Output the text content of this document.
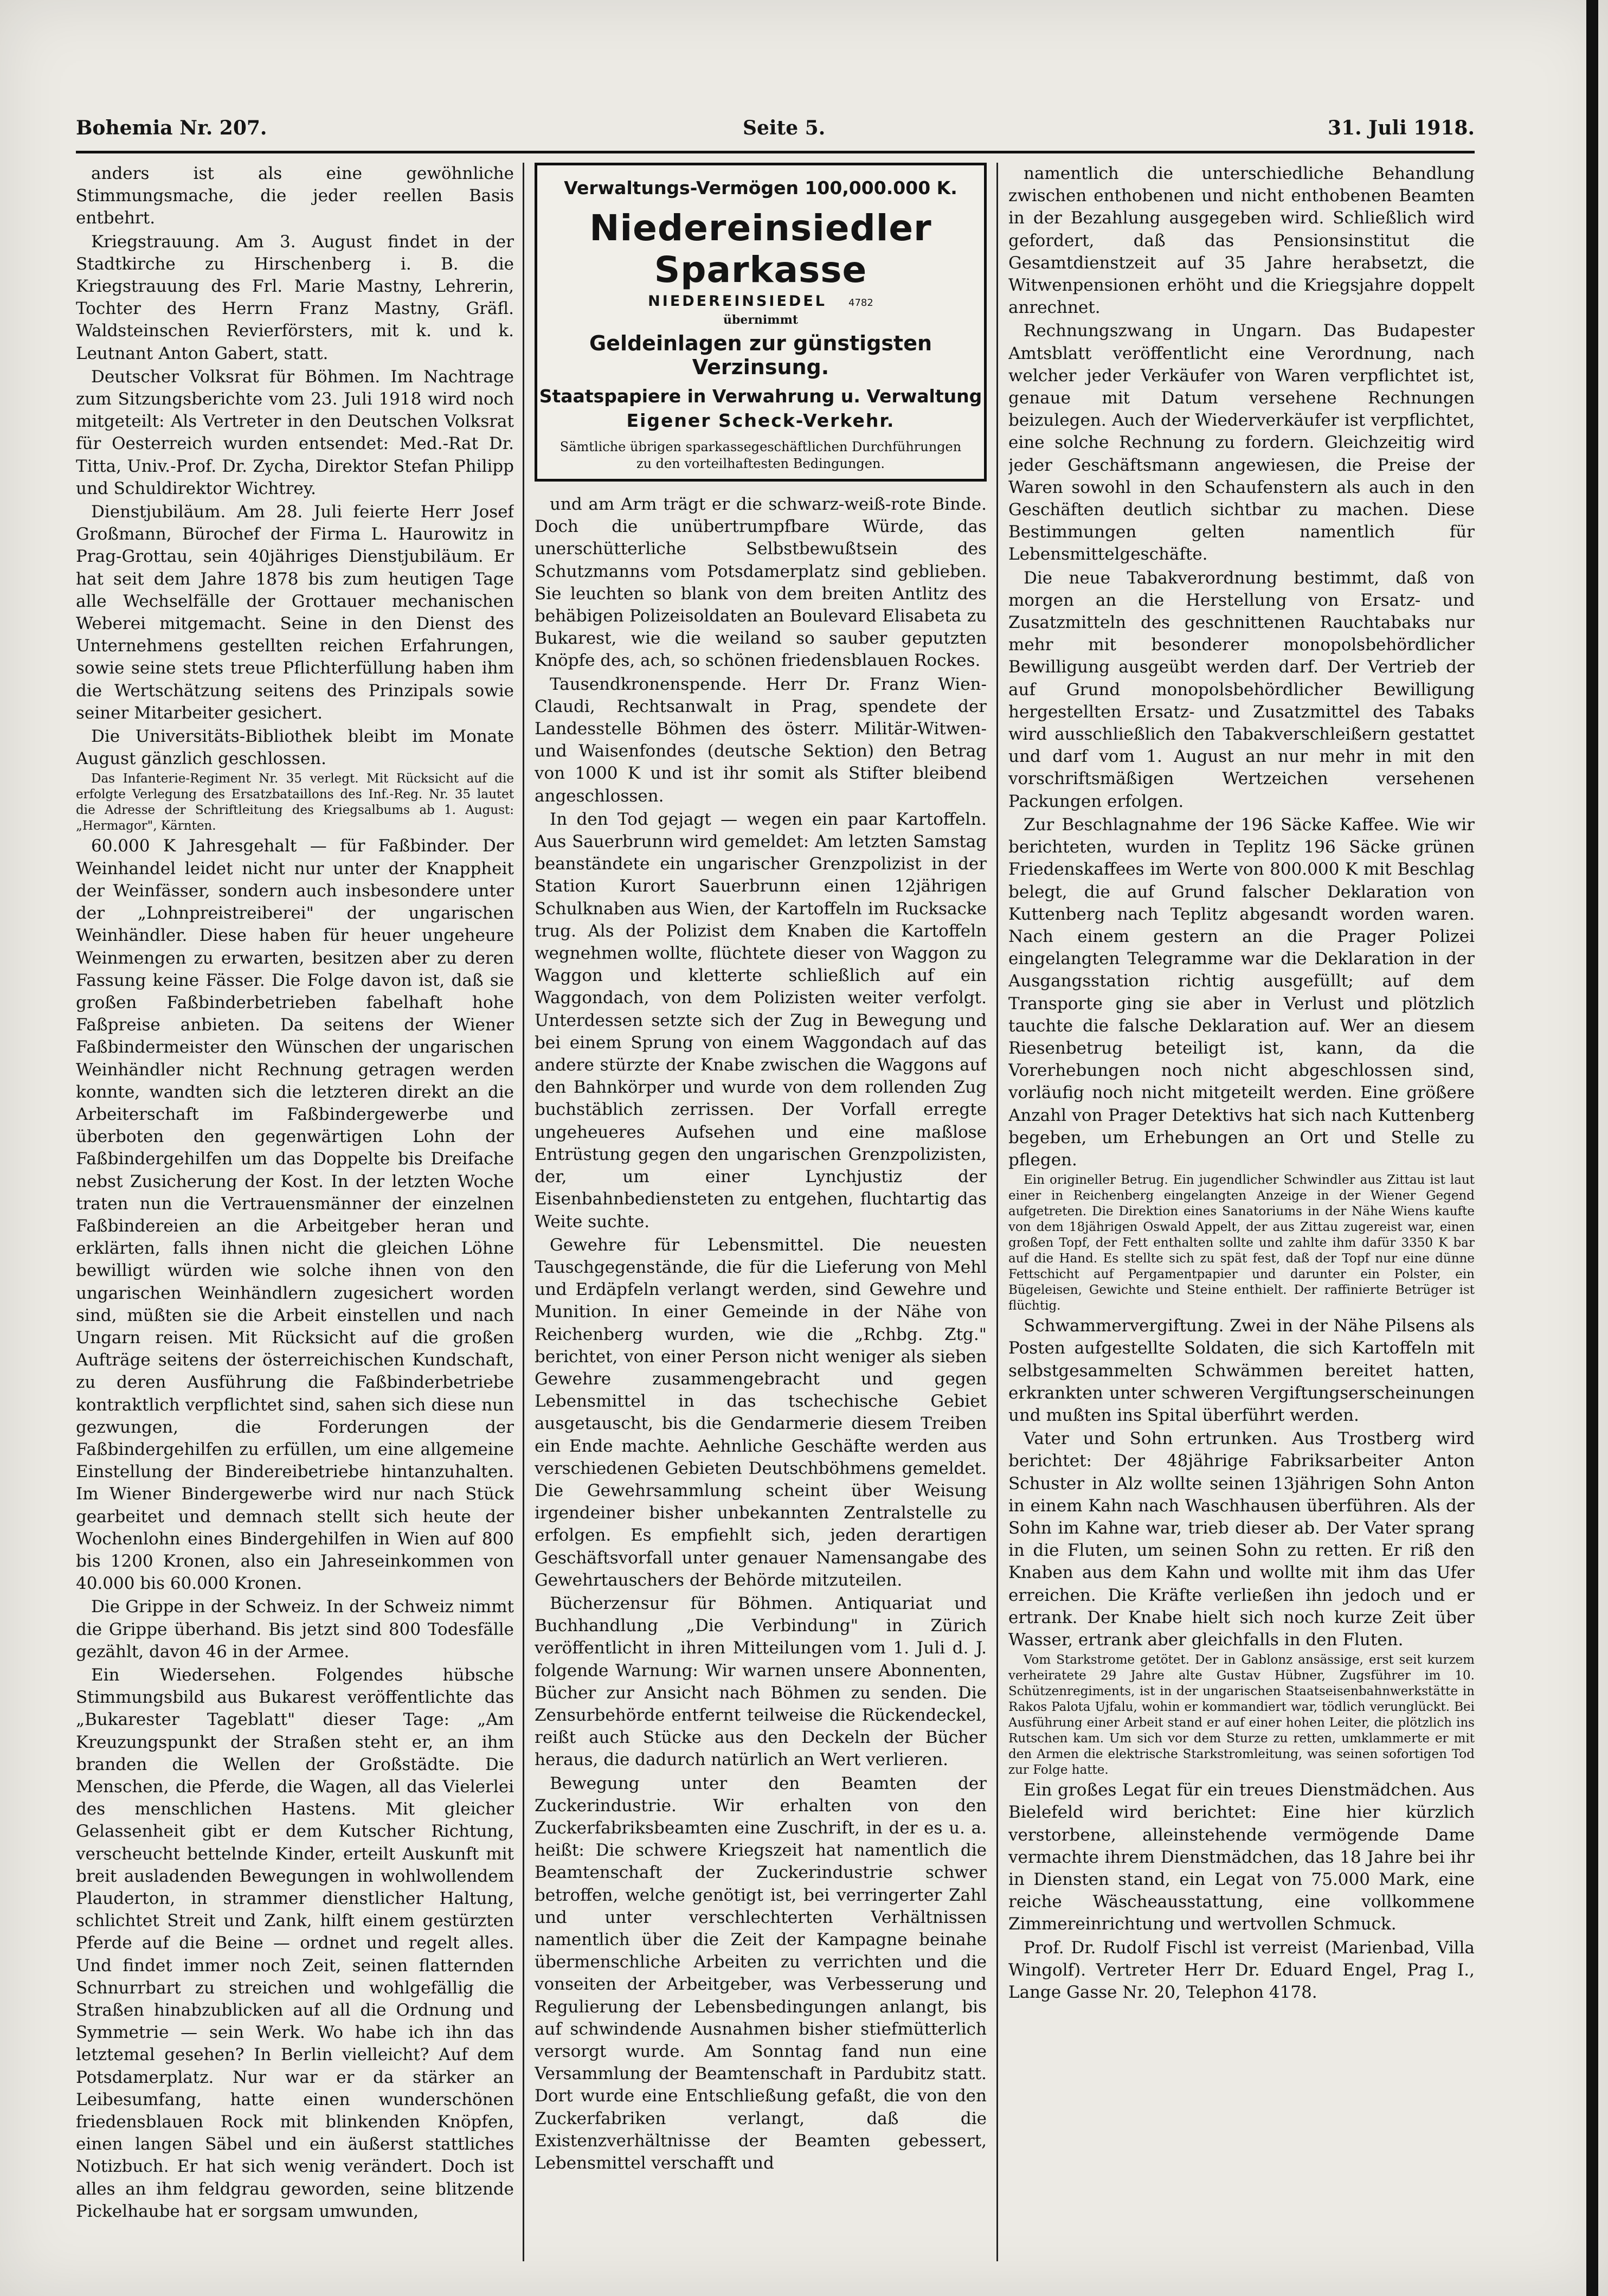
Bohemia Nr. 207.	Seite 5.	31. Juli 1918.

anders ist als eine gewöhnliche Stimmungsmache, die jeder reellen Basis entbehrt.

Kriegstrauung. Am 3. August findet in der Stadtkirche zu Hirschenberg i. B. die Kriegstrauung des Frl. Marie Mastny, Lehrerin, Tochter des Herrn Franz Mastny, Gräfl. Waldsteinschen Revierförsters, mit k. und k. Leutnant Anton Gabert, statt.

Deutscher Volksrat für Böhmen. Im Nachtrage zum Sitzungsberichte vom 23. Juli 1918 wird noch mitgeteilt: Als Vertreter in den Deutschen Volksrat für Oesterreich wurden entsendet: Med.-Rat Dr. Titta, Univ.-Prof. Dr. Zycha, Direktor Stefan Philipp und Schuldirektor Wichtrey.

Dienstjubiläum. Am 28. Juli feierte Herr Josef Großmann, Bürochef der Firma L. Haurowitz in Prag-Grottau, sein 40jähriges Dienstjubiläum. Er hat seit dem Jahre 1878 bis zum heutigen Tage alle Wechselfälle der Grottauer mechanischen Weberei mitgemacht. Seine in den Dienst des Unternehmens gestellten reichen Erfahrungen, sowie seine stets treue Pflichterfüllung haben ihm die Wertschätzung seitens des Prinzipals sowie seiner Mitarbeiter gesichert.

Die Universitäts-Bibliothek bleibt im Monate August gänzlich geschlossen.

Das Infanterie-Regiment Nr. 35 verlegt. Mit Rücksicht auf die erfolgte Verlegung des Ersatzbataillons des Inf.-Reg. Nr. 35 lautet die Adresse der Schriftleitung des Kriegsalbums ab 1. August: „Hermagor", Kärnten.

60.000 K Jahresgehalt — für Faßbinder. Der Weinhandel leidet nicht nur unter der Knappheit der Weinfässer, sondern auch insbesondere unter der „Lohnpreistreiberei" der ungarischen Weinhändler. Diese haben für heuer ungeheure Weinmengen zu erwarten, besitzen aber zu deren Fassung keine Fässer. Die Folge davon ist, daß sie großen Faßbinderbetrieben fabelhaft hohe Faßpreise anbieten. Da seitens der Wiener Faßbindermeister den Wünschen der ungarischen Weinhändler nicht Rechnung getragen werden konnte, wandten sich die letzteren direkt an die Arbeiterschaft im Faßbindergewerbe und überboten den gegenwärtigen Lohn der Faßbindergehilfen um das Doppelte bis Dreifache nebst Zusicherung der Kost. In der letzten Woche traten nun die Vertrauensmänner der einzelnen Faßbindereien an die Arbeitgeber heran und erklärten, falls ihnen nicht die gleichen Löhne bewilligt würden wie solche ihnen von den ungarischen Weinhändlern zugesichert worden sind, müßten sie die Arbeit einstellen und nach Ungarn reisen. Mit Rücksicht auf die großen Aufträge seitens der österreichischen Kundschaft, zu deren Ausführung die Faßbinderbetriebe kontraktlich verpflichtet sind, sahen sich diese nun gezwungen, die Forderungen der Faßbindergehilfen zu erfüllen, um eine allgemeine Einstellung der Bindereibetriebe hintanzuhalten. Im Wiener Bindergewerbe wird nur nach Stück gearbeitet und demnach stellt sich heute der Wochenlohn eines Bindergehilfen in Wien auf 800 bis 1200 Kronen, also ein Jahreseinkommen von 40.000 bis 60.000 Kronen.

Die Grippe in der Schweiz. In der Schweiz nimmt die Grippe überhand. Bis jetzt sind 800 Todesfälle gezählt, davon 46 in der Armee.

Ein Wiedersehen. Folgendes hübsche Stimmungsbild aus Bukarest veröffentlichte das „Bukarester Tageblatt" dieser Tage: „Am Kreuzungspunkt der Straßen steht er, an ihm branden die Wellen der Großstädte. Die Menschen, die Pferde, die Wagen, all das Vielerlei des menschlichen Hastens. Mit gleicher Gelassenheit gibt er dem Kutscher Richtung, verscheucht bettelnde Kinder, erteilt Auskunft mit breit ausladenden Bewegungen in wohlwollendem Plauderton, in strammer dienstlicher Haltung, schlichtet Streit und Zank, hilft einem gestürzten Pferde auf die Beine — ordnet und regelt alles. Und findet immer noch Zeit, seinen flatternden Schnurrbart zu streichen und wohlgefällig die Straßen hinabzublicken auf all die Ordnung und Symmetrie — sein Werk. Wo habe ich ihn das letztemal gesehen? In Berlin vielleicht? Auf dem Potsdamerplatz. Nur war er da stärker an Leibesumfang, hatte einen wunderschönen friedensblauen Rock mit blinkenden Knöpfen, einen langen Säbel und ein äußerst stattliches Notizbuch. Er hat sich wenig verändert. Doch ist alles an ihm feldgrau geworden, seine blitzende Pickelhaube hat er sorgsam umwunden,

Verwaltungs-Vermögen 100,000.000 K.
Niedereinsiedler Sparkasse
NIEDEREINSIEDEL 4782
übernimmt
Geldeinlagen zur günstigsten Verzinsung.
Staatspapiere in Verwahrung u. Verwaltung
Eigener Scheck-Verkehr.
Sämtliche übrigen sparkassegeschäftlichen Durchführungen zu den vorteilhaftesten Bedingungen.

und am Arm trägt er die schwarz-weiß-rote Binde. Doch die unübertrumpfbare Würde, das unerschütterliche Selbstbewußtsein des Schutzmanns vom Potsdamerplatz sind geblieben. Sie leuchten so blank von dem breiten Antlitz des behäbigen Polizeisoldaten an Boulevard Elisabeta zu Bukarest, wie die weiland so sauber geputzten Knöpfe des, ach, so schönen friedensblauen Rockes.

Tausendkronenspende. Herr Dr. Franz Wien-Claudi, Rechtsanwalt in Prag, spendete der Landesstelle Böhmen des österr. Militär-Witwen- und Waisenfondes (deutsche Sektion) den Betrag von 1000 K und ist ihr somit als Stifter bleibend angeschlossen.

In den Tod gejagt — wegen ein paar Kartoffeln. Aus Sauerbrunn wird gemeldet: Am letzten Samstag beanständete ein ungarischer Grenzpolizist in der Station Kurort Sauerbrunn einen 12jährigen Schulknaben aus Wien, der Kartoffeln im Rucksacke trug. Als der Polizist dem Knaben die Kartoffeln wegnehmen wollte, flüchtete dieser von Waggon zu Waggon und kletterte schließlich auf ein Waggondach, von dem Polizisten weiter verfolgt. Unterdessen setzte sich der Zug in Bewegung und bei einem Sprung von einem Waggondach auf das andere stürzte der Knabe zwischen die Waggons auf den Bahnkörper und wurde von dem rollenden Zug buchstäblich zerrissen. Der Vorfall erregte ungeheueres Aufsehen und eine maßlose Entrüstung gegen den ungarischen Grenzpolizisten, der, um einer Lynchjustiz der Eisenbahnbediensteten zu entgehen, fluchtartig das Weite suchte.

Gewehre für Lebensmittel. Die neuesten Tauschgegenstände, die für die Lieferung von Mehl und Erdäpfeln verlangt werden, sind Gewehre und Munition. In einer Gemeinde in der Nähe von Reichenberg wurden, wie die „Rchbg. Ztg." berichtet, von einer Person nicht weniger als sieben Gewehre zusammengebracht und gegen Lebensmittel in das tschechische Gebiet ausgetauscht, bis die Gendarmerie diesem Treiben ein Ende machte. Aehnliche Geschäfte werden aus verschiedenen Gebieten Deutschböhmens gemeldet. Die Gewehrsammlung scheint über Weisung irgendeiner bisher unbekannten Zentralstelle zu erfolgen. Es empfiehlt sich, jeden derartigen Geschäftsvorfall unter genauer Namensangabe des Gewehrtauschers der Behörde mitzuteilen.

Bücherzensur für Böhmen. Antiquariat und Buchhandlung „Die Verbindung" in Zürich veröffentlicht in ihren Mitteilungen vom 1. Juli d. J. folgende Warnung: Wir warnen unsere Abonnenten, Bücher zur Ansicht nach Böhmen zu senden. Die Zensurbehörde entfernt teilweise die Rückendeckel, reißt auch Stücke aus den Deckeln der Bücher heraus, die dadurch natürlich an Wert verlieren.

Bewegung unter den Beamten der Zuckerindustrie. Wir erhalten von den Zuckerfabriksbeamten eine Zuschrift, in der es u. a. heißt: Die schwere Kriegszeit hat namentlich die Beamtenschaft der Zuckerindustrie schwer betroffen, welche genötigt ist, bei verringerter Zahl und unter verschlechterten Verhältnissen namentlich über die Zeit der Kampagne beinahe übermenschliche Arbeiten zu verrichten und die vonseiten der Arbeitgeber, was Verbesserung und Regulierung der Lebensbedingungen anlangt, bis auf schwindende Ausnahmen bisher stiefmütterlich versorgt wurde. Am Sonntag fand nun eine Versammlung der Beamtenschaft in Pardubitz statt. Dort wurde eine Entschließung gefaßt, die von den Zuckerfabriken verlangt, daß die Existenzverhältnisse der Beamten gebessert, Lebensmittel verschafft und

namentlich die unterschiedliche Behandlung zwischen enthobenen und nicht enthobenen Beamten in der Bezahlung ausgegeben wird. Schließlich wird gefordert, daß das Pensionsinstitut die Gesamtdienstzeit auf 35 Jahre herabsetzt, die Witwenpensionen erhöht und die Kriegsjahre doppelt anrechnet.

Rechnungszwang in Ungarn. Das Budapester Amtsblatt veröffentlicht eine Verordnung, nach welcher jeder Verkäufer von Waren verpflichtet ist, genaue mit Datum versehene Rechnungen beizulegen. Auch der Wiederverkäufer ist verpflichtet, eine solche Rechnung zu fordern. Gleichzeitig wird jeder Geschäftsmann angewiesen, die Preise der Waren sowohl in den Schaufenstern als auch in den Geschäften deutlich sichtbar zu machen. Diese Bestimmungen gelten namentlich für Lebensmittelgeschäfte.

Die neue Tabakverordnung bestimmt, daß von morgen an die Herstellung von Ersatz- und Zusatzmitteln des geschnittenen Rauchtabaks nur mehr mit besonderer monopolsbehördlicher Bewilligung ausgeübt werden darf. Der Vertrieb der auf Grund monopolsbehördlicher Bewilligung hergestellten Ersatz- und Zusatzmittel des Tabaks wird ausschließlich den Tabakverschleißern gestattet und darf vom 1. August an nur mehr in mit den vorschriftsmäßigen Wertzeichen versehenen Packungen erfolgen.

Zur Beschlagnahme der 196 Säcke Kaffee. Wie wir berichteten, wurden in Teplitz 196 Säcke grünen Friedenskaffees im Werte von 800.000 K mit Beschlag belegt, die auf Grund falscher Deklaration von Kuttenberg nach Teplitz abgesandt worden waren. Nach einem gestern an die Prager Polizei eingelangten Telegramme war die Deklaration in der Ausgangsstation richtig ausgefüllt; auf dem Transporte ging sie aber in Verlust und plötzlich tauchte die falsche Deklaration auf. Wer an diesem Riesenbetrug beteiligt ist, kann, da die Vorerhebungen noch nicht abgeschlossen sind, vorläufig noch nicht mitgeteilt werden. Eine größere Anzahl von Prager Detektivs hat sich nach Kuttenberg begeben, um Erhebungen an Ort und Stelle zu pflegen.

Ein origineller Betrug. Ein jugendlicher Schwindler aus Zittau ist laut einer in Reichenberg eingelangten Anzeige in der Wiener Gegend aufgetreten. Die Direktion eines Sanatoriums in der Nähe Wiens kaufte von dem 18jährigen Oswald Appelt, der aus Zittau zugereist war, einen großen Topf, der Fett enthalten sollte und zahlte ihm dafür 3350 K bar auf die Hand. Es stellte sich zu spät fest, daß der Topf nur eine dünne Fettschicht auf Pergamentpapier und darunter ein Polster, ein Bügeleisen, Gewichte und Steine enthielt. Der raffinierte Betrüger ist flüchtig.

Schwammervergiftung. Zwei in der Nähe Pilsens als Posten aufgestellte Soldaten, die sich Kartoffeln mit selbstgesammelten Schwämmen bereitet hatten, erkrankten unter schweren Vergiftungserscheinungen und mußten ins Spital überführt werden.

Vater und Sohn ertrunken. Aus Trostberg wird berichtet: Der 48jährige Fabriksarbeiter Anton Schuster in Alz wollte seinen 13jährigen Sohn Anton in einem Kahn nach Waschhausen überführen. Als der Sohn im Kahne war, trieb dieser ab. Der Vater sprang in die Fluten, um seinen Sohn zu retten. Er riß den Knaben aus dem Kahn und wollte mit ihm das Ufer erreichen. Die Kräfte verließen ihn jedoch und er ertrank. Der Knabe hielt sich noch kurze Zeit über Wasser, ertrank aber gleichfalls in den Fluten.

Vom Starkstrome getötet. Der in Gablonz ansässige, erst seit kurzem verheiratete 29 Jahre alte Gustav Hübner, Zugsführer im 10. Schützenregiments, ist in der ungarischen Staatseisenbahnwerkstätte in Rakos Palota Ujfalu, wohin er kommandiert war, tödlich verunglückt. Bei Ausführung einer Arbeit stand er auf einer hohen Leiter, die plötzlich ins Rutschen kam. Um sich vor dem Sturze zu retten, umklammerte er mit den Armen die elektrische Starkstromleitung, was seinen sofortigen Tod zur Folge hatte.

Ein großes Legat für ein treues Dienstmädchen. Aus Bielefeld wird berichtet: Eine hier kürzlich verstorbene, alleinstehende vermögende Dame vermachte ihrem Dienstmädchen, das 18 Jahre bei ihr in Diensten stand, ein Legat von 75.000 Mark, eine reiche Wäscheausstattung, eine vollkommene Zimmereinrichtung und wertvollen Schmuck.

Prof. Dr. Rudolf Fischl ist verreist (Marienbad, Villa Wingolf). Vertreter Herr Dr. Eduard Engel, Prag I., Lange Gasse Nr. 20, Telephon 4178.
